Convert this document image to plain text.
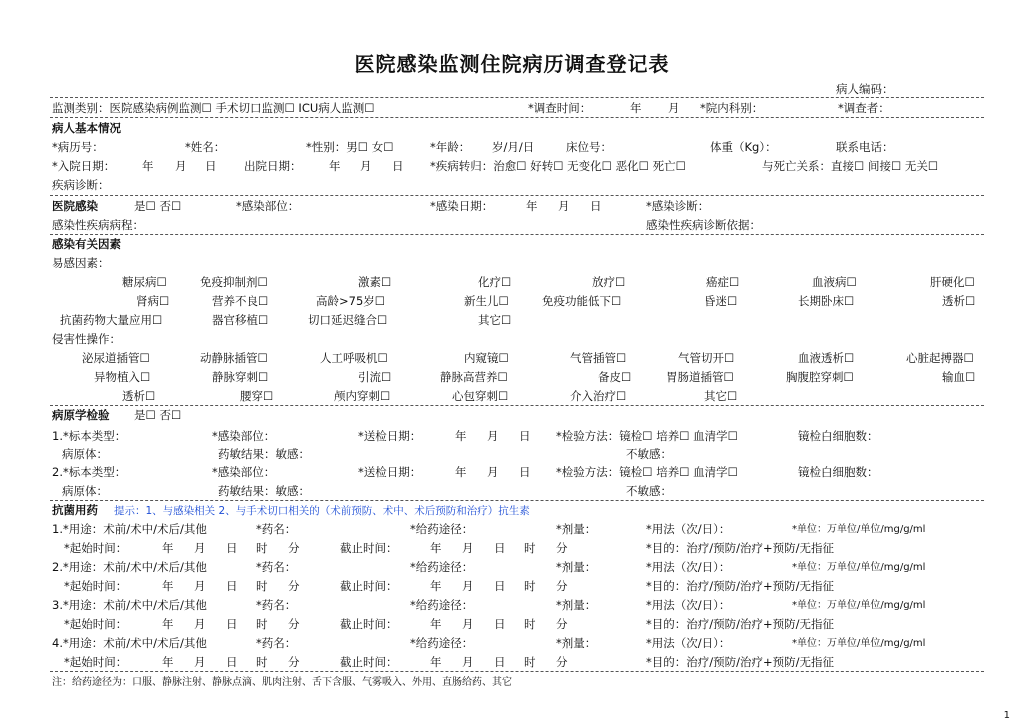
医院感染监测住院病历调查登记表
病人编码：
监测类别：医院感染病例监测☐ 手术切口监测☐ ICU病人监测☐	*调查时间：	年 月 *院内科别：	*调查者：
病人基本情况
*病历号：	*姓名：	*性别：男☐ 女☐	*年龄： 岁/月/日	床位号：	体重（Kg）：	联系电话：
*入院日期： 年 月 日 出院日期： 年 月 日 *疾病转归：治愈☐ 好转☐ 无变化☐ 恶化☐ 死亡☐	与死亡关系：直接☐ 间接☐ 无关☐
疾病诊断：
医院感染	是☐ 否☐	*感染部位：	*感染日期：	年 月 日	*感染诊断：
感染性疾病病程：	感染性疾病诊断依据：
感染有关因素
易感因素：
糖尿病☐	免疫抑制剂☐	激素☐	化疗☐	放疗☐	癌症☐	血液病☐	肝硬化☐
肾病☐	营养不良☐	高龄>75岁☐	新生儿☐	免疫功能低下☐	昏迷☐	长期卧床☐	透析☐
抗菌药物大量应用☐	器官移植☐	切口延迟缝合☐	其它☐
侵害性操作：
泌尿道插管☐	动静脉插管☐	人工呼吸机☐	内窥镜☐	气管插管☐	气管切开☐	血液透析☐	心脏起搏器☐
异物植入☐	静脉穿刺☐	引流☐	静脉高营养☐	备皮☐	胃肠道插管☐	胸腹腔穿刺☐	输血☐
透析☐	腰穿☐	颅内穿刺☐	心包穿刺☐	介入治疗☐	其它☐
病原学检验 是☐ 否☐
1.*标本类型：	*感染部位：	*送检日期：	年 月 日 *检验方法：镜检☐ 培养☐ 血清学☐	镜检白细胞数：
病原体：	药敏结果：敏感：	不敏感：
2.*标本类型：	*感染部位：	*送检日期：	年 月 日 *检验方法：镜检☐ 培养☐ 血清学☐	镜检白细胞数：
病原体：	药敏结果：敏感：	不敏感：
抗菌用药 提示：1、与感染相关 2、与手术切口相关的（术前预防、术中、术后预防和治疗）抗生素
1.*用途：术前/术中/术后/其他	*药名：	*给药途径：	*剂量：	*用法（次/日）：	*单位：万单位/单位/mg/g/ml
*起始时间：	年 月 日 时 分	截止时间：	年 月 日 时 分	*目的：治疗/预防/治疗+预防/无指征
2.*用途：术前/术中/术后/其他	*药名：	*给药途径：	*剂量：	*用法（次/日）：	*单位：万单位/单位/mg/g/ml
*起始时间：	年 月 日 时 分	截止时间：	年 月 日 时 分	*目的：治疗/预防/治疗+预防/无指征
3.*用途：术前/术中/术后/其他	*药名：	*给药途径：	*剂量：	*用法（次/日）：	*单位：万单位/单位/mg/g/ml
*起始时间：	年 月 日 时 分	截止时间：	年 月 日 时 分	*目的：治疗/预防/治疗+预防/无指征
4.*用途：术前/术中/术后/其他	*药名：	*给药途径：	*剂量：	*用法（次/日）：	*单位：万单位/单位/mg/g/ml
*起始时间：	年 月 日 时 分	截止时间：	年 月 日 时 分	*目的：治疗/预防/治疗+预防/无指征
注：给药途径为：口服、静脉注射、静脉点滴、肌肉注射、舌下含服、气雾吸入、外用、直肠给药、其它
1
